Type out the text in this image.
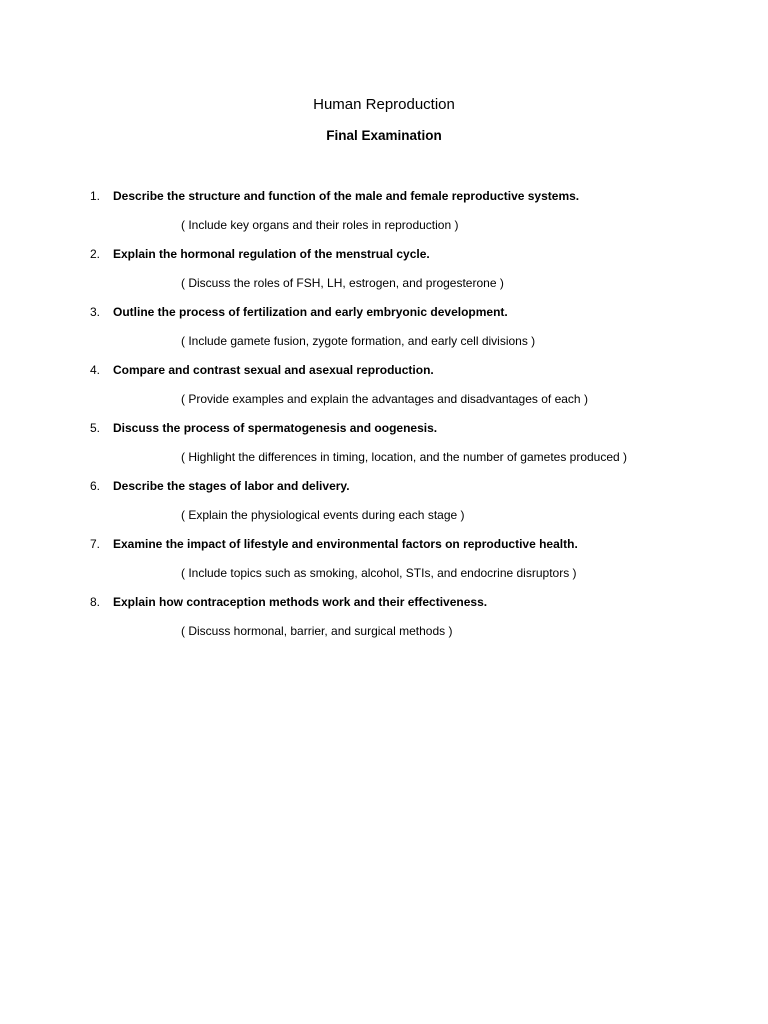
Human Reproduction
Final Examination
1. Describe the structure and function of the male and female reproductive systems.
( Include key organs and their roles in reproduction )
2. Explain the hormonal regulation of the menstrual cycle.
( Discuss the roles of FSH, LH, estrogen, and progesterone )
3. Outline the process of fertilization and early embryonic development.
( Include gamete fusion, zygote formation, and early cell divisions )
4. Compare and contrast sexual and asexual reproduction.
( Provide examples and explain the advantages and disadvantages of each )
5. Discuss the process of spermatogenesis and oogenesis.
( Highlight the differences in timing, location, and the number of gametes produced )
6. Describe the stages of labor and delivery.
( Explain the physiological events during each stage )
7. Examine the impact of lifestyle and environmental factors on reproductive health.
( Include topics such as smoking, alcohol, STIs, and endocrine disruptors )
8. Explain how contraception methods work and their effectiveness.
( Discuss hormonal, barrier, and surgical methods )
